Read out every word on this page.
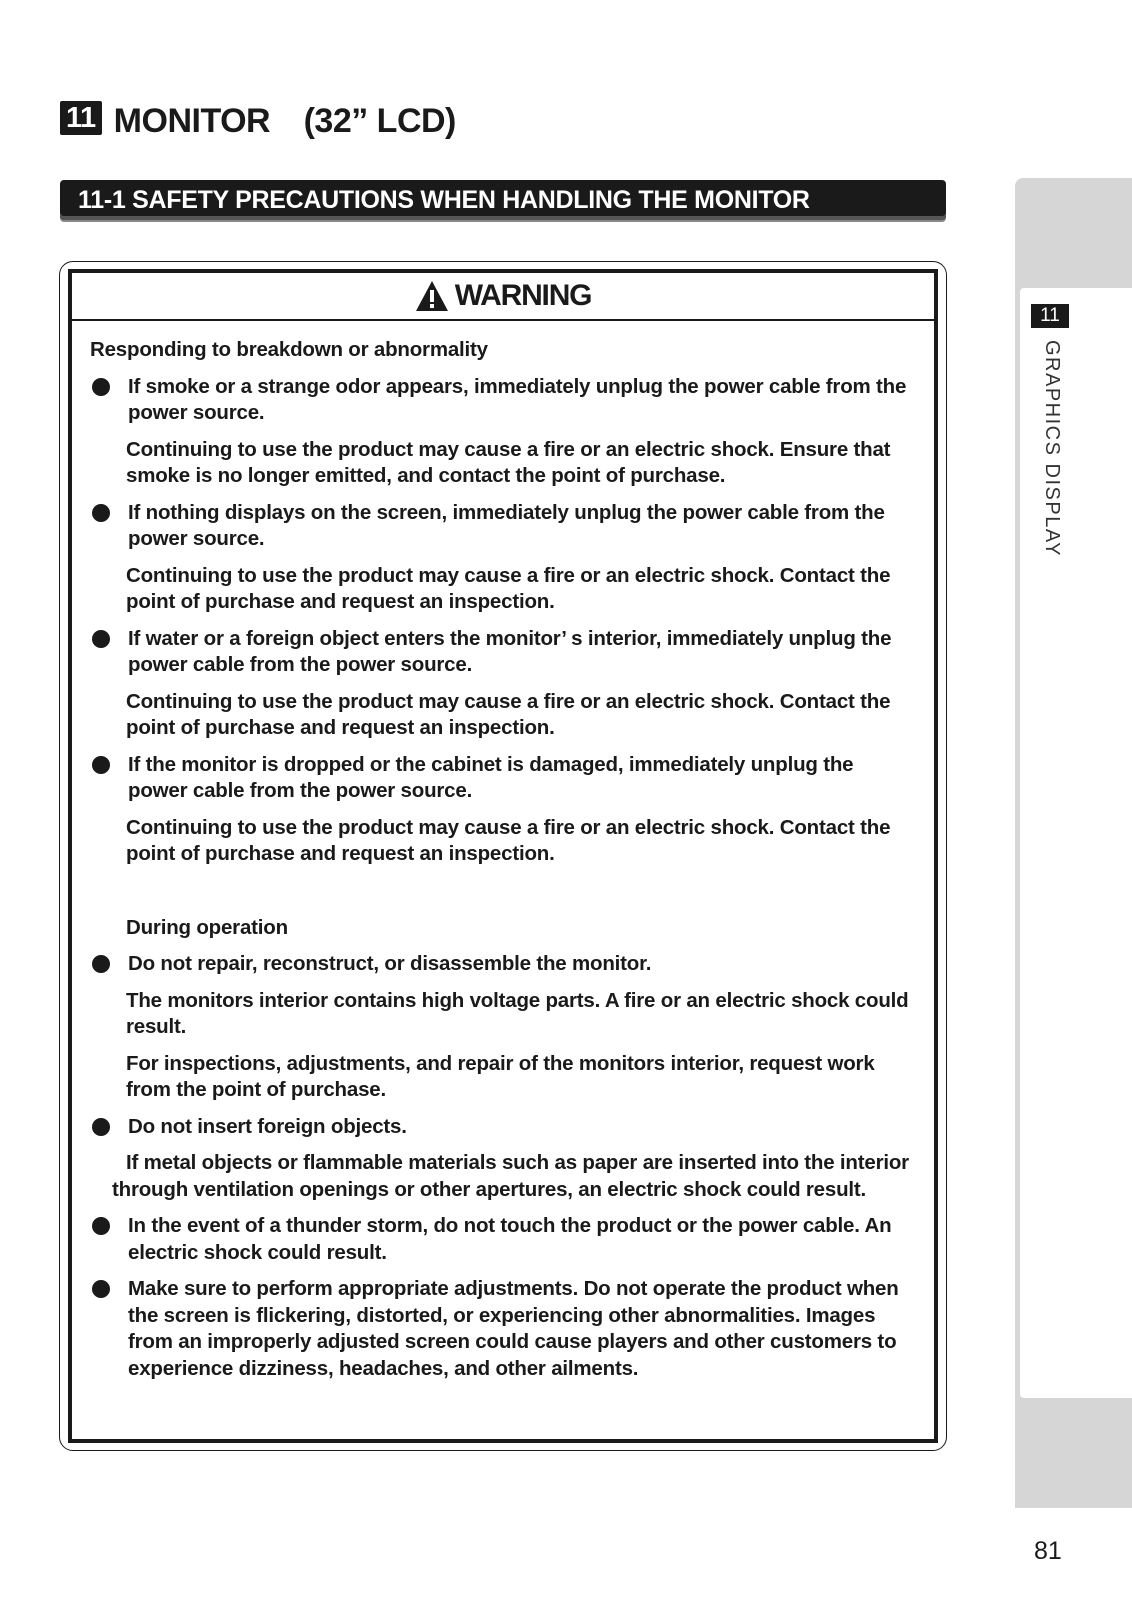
11 MONITOR　(32” LCD)
11-1 SAFETY PRECAUTIONS WHEN HANDLING THE MONITOR
WARNING
Responding to breakdown or abnormality
If smoke or a strange odor appears, immediately unplug the power cable from the power source.
Continuing to use the product may cause a fire or an electric shock. Ensure that smoke is no longer emitted, and contact the point of purchase.
If nothing displays on the screen, immediately unplug the power cable from the power source.
Continuing to use the product may cause a fire or an electric shock. Contact the point of purchase and request an inspection.
If water or a foreign object enters the monitor’ s interior, immediately unplug the power cable from the power source.
Continuing to use the product may cause a fire or an electric shock. Contact the point of purchase and request an inspection.
If the monitor is dropped or the cabinet is damaged, immediately unplug the power cable from the power source.
Continuing to use the product may cause a fire or an electric shock. Contact the point of purchase and request an inspection.
During operation
Do not repair, reconstruct, or disassemble the monitor.
The monitors interior contains high voltage parts. A fire or an electric shock could result.
For inspections, adjustments, and repair of the monitors interior, request work from the point of purchase.
Do not insert foreign objects.
If metal objects or flammable materials such as paper are inserted into the interior through ventilation openings or other apertures, an electric shock could result.
In the event of a thunder storm, do not touch the product or the power cable. An electric shock could result.
Make sure to perform appropriate adjustments. Do not operate the product when the screen is flickering, distorted, or experiencing other abnormalities. Images from an improperly adjusted screen could cause players and other customers to experience dizziness, headaches, and other ailments.
11
GRAPHICS DISPLAY
81
